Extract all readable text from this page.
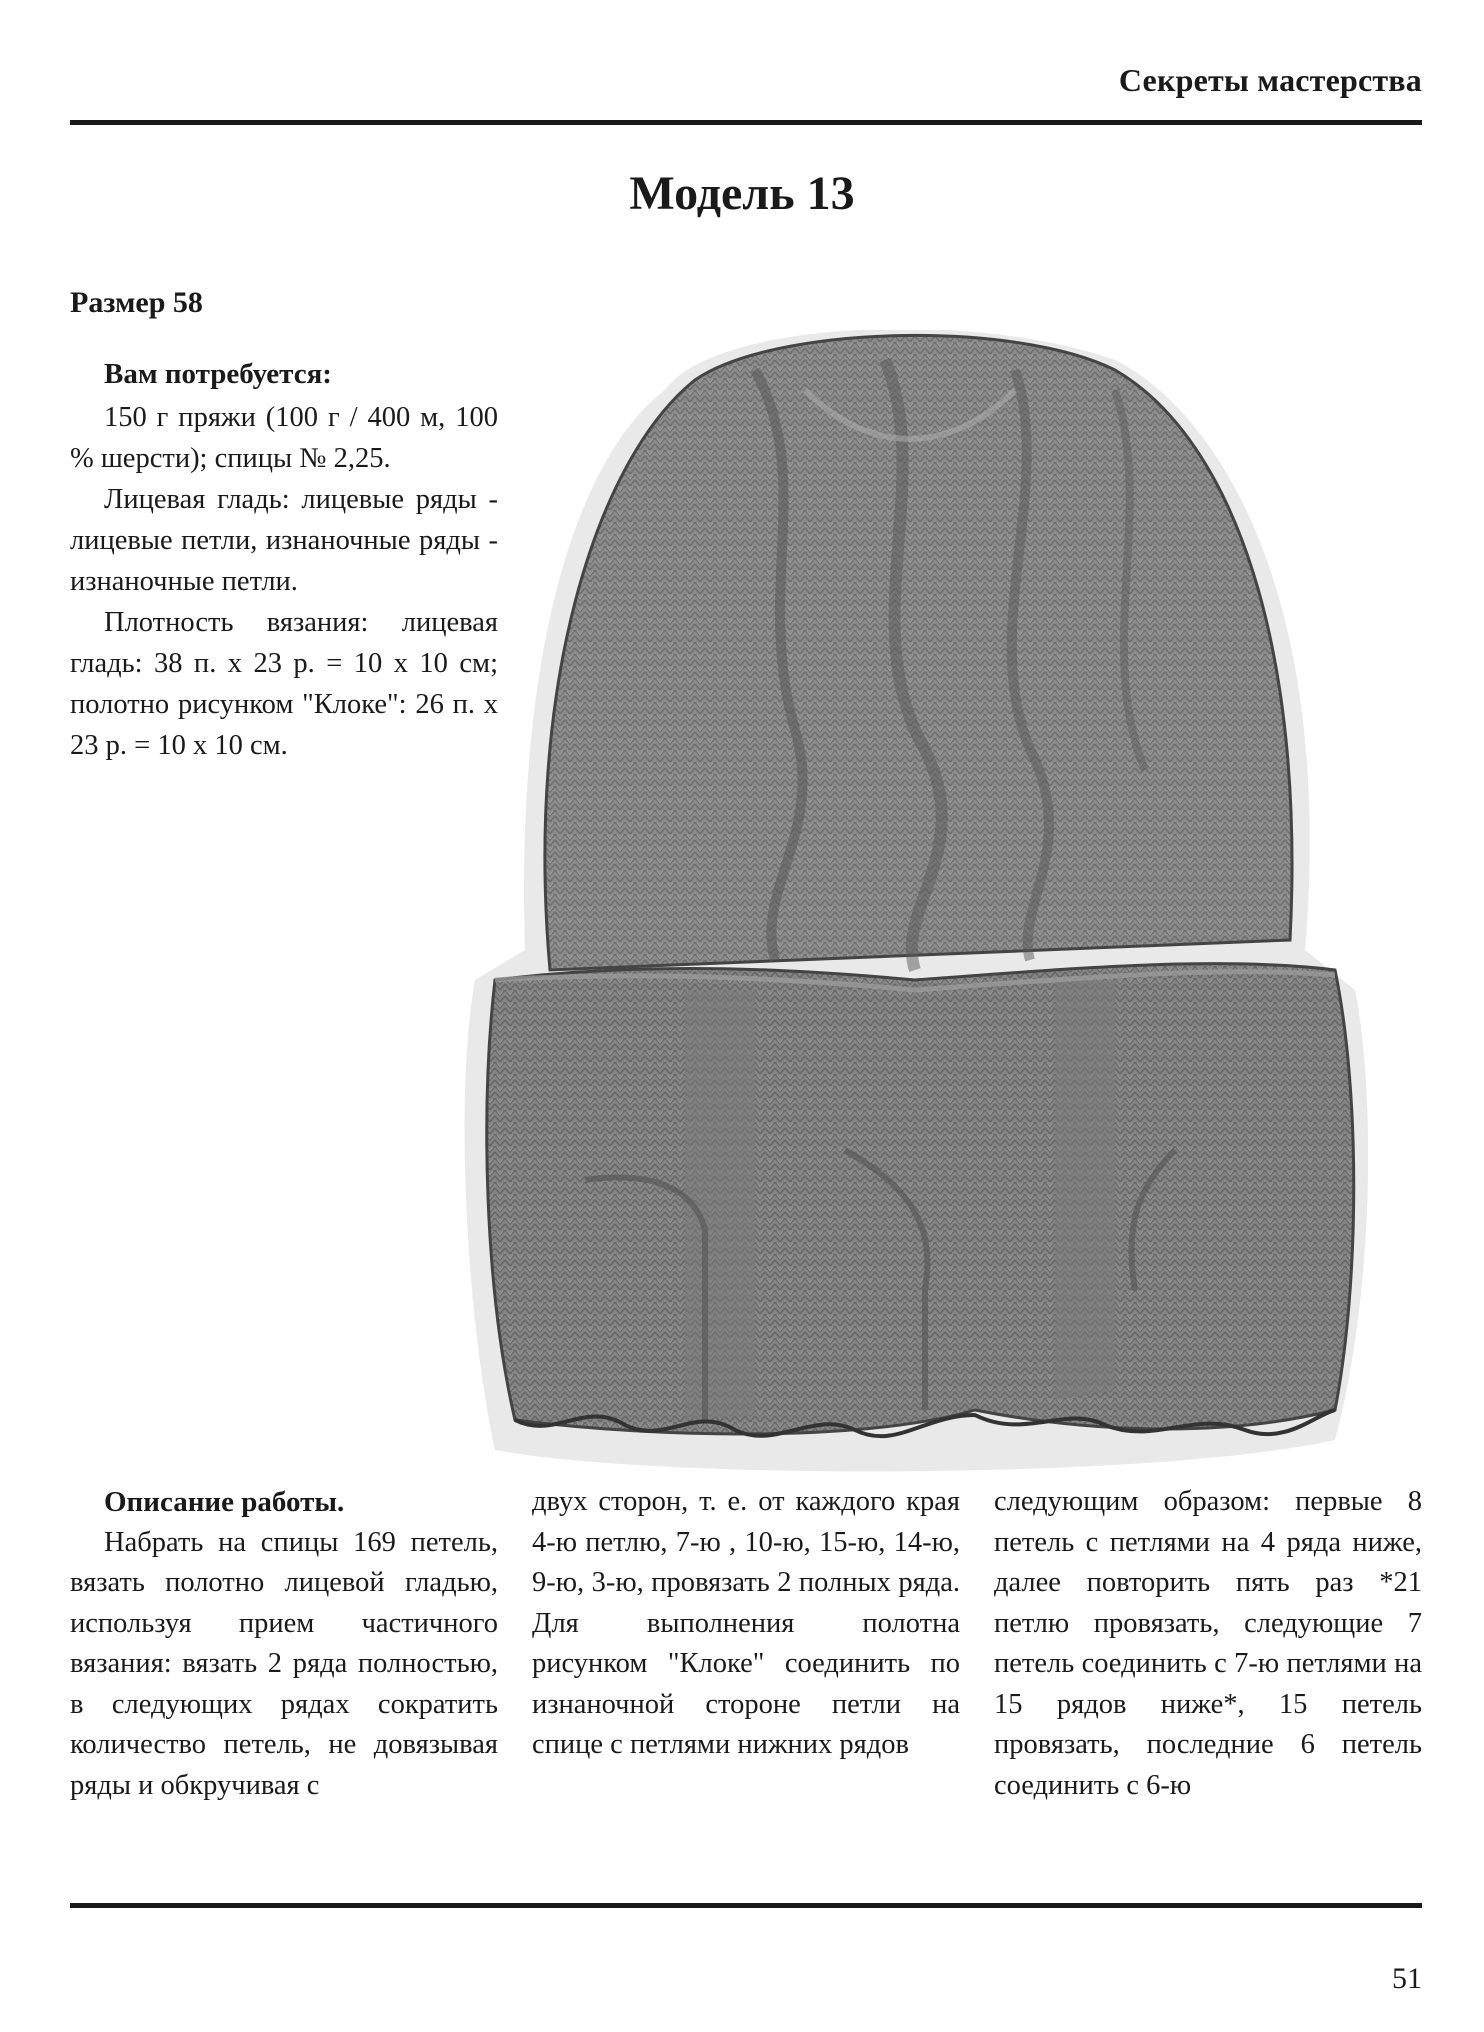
Секреты мастерства
Модель 13
Размер 58
Вам потребуется:

150 г пряжи (100 г / 400 м, 100 % шерсти); спицы № 2,25.

Лицевая гладь: лицевые ряды - лицевые петли, изнаночные ряды - изнаночные петли.

Плотность вязания: лицевая гладь: 38 п. х 23 р. = 10 х 10 см; полотно рисунком "Клоке": 26 п. х 23 р. = 10 х 10 см.

Описание работы.

Набрать на спицы 169 петель, вязать полотно лицевой гладью, используя прием частичного вязания: вязать 2 ряда полностью, в следующих рядах сократить количество петель, не довязывая ряды и обкручивая с

двух сторон, т. е. от каждого края 4-ю петлю, 7-ю , 10-ю, 15-ю, 14-ю, 9-ю, 3-ю, провязать 2 полных ряда. Для выполнения полотна рисунком "Клоке" соединить по изнаночной стороне петли на спице с петлями нижних рядов

следующим образом: первые 8 петель с петлями на 4 ряда ниже, далее повторить пять раз *21 петлю провязать, следующие 7 петель соединить с 7-ю петлями на 15 рядов ниже*, 15 петель провязать, последние 6 петель соединить с 6-ю

51
